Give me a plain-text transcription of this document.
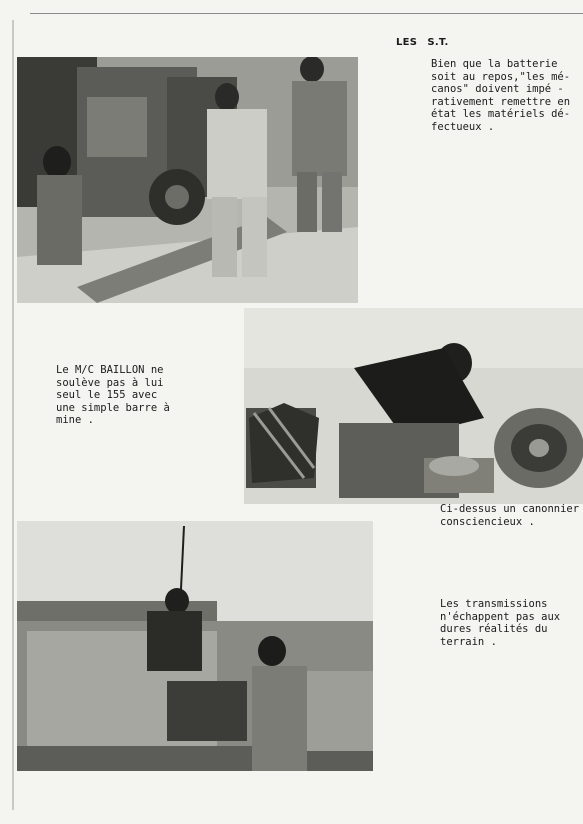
LES S.T.
Bien que la batterie
soit au repos,"les mé-
canos" doivent impé -
rativement remettre en
état les matériels dé-
fectueux .
Le M/C BAILLON ne
soulève pas à lui
seul le 155 avec
une simple barre à
mine .
Ci-dessus un canonnier
consciencieux .
Les transmissions
n'échappent pas aux
dures réalités du
terrain .
